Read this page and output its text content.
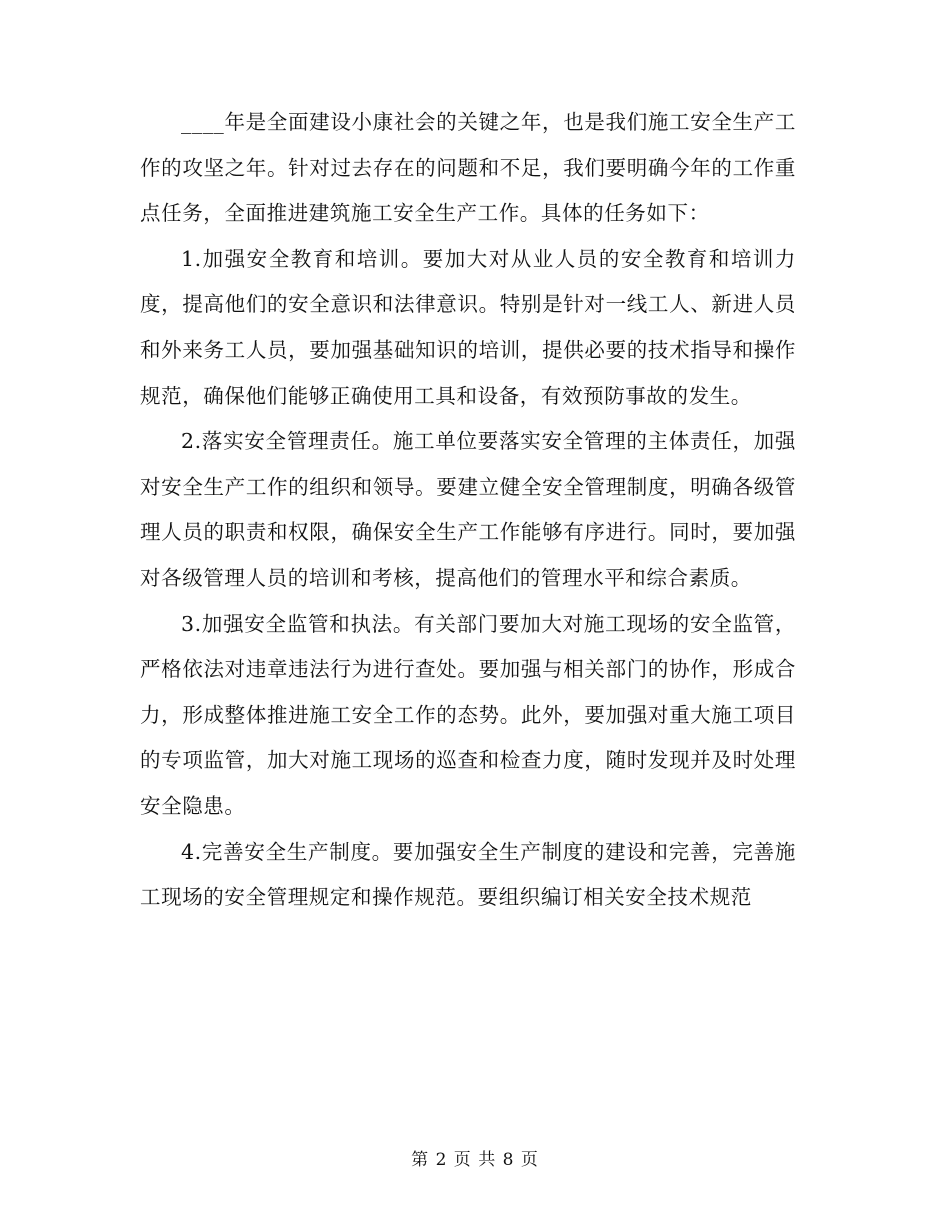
____年是全面建设小康社会的关键之年，也是我们施工安全生产工作的攻坚之年。针对过去存在的问题和不足，我们要明确今年的工作重点任务，全面推进建筑施工安全生产工作。具体的任务如下：

1.加强安全教育和培训。要加大对从业人员的安全教育和培训力度，提高他们的安全意识和法律意识。特别是针对一线工人、新进人员和外来务工人员，要加强基础知识的培训，提供必要的技术指导和操作规范，确保他们能够正确使用工具和设备，有效预防事故的发生。

2.落实安全管理责任。施工单位要落实安全管理的主体责任，加强对安全生产工作的组织和领导。要建立健全安全管理制度，明确各级管理人员的职责和权限，确保安全生产工作能够有序进行。同时，要加强对各级管理人员的培训和考核，提高他们的管理水平和综合素质。

3.加强安全监管和执法。有关部门要加大对施工现场的安全监管，严格依法对违章违法行为进行查处。要加强与相关部门的协作，形成合力，形成整体推进施工安全工作的态势。此外，要加强对重大施工项目的专项监管，加大对施工现场的巡查和检查力度，随时发现并及时处理安全隐患。

4.完善安全生产制度。要加强安全生产制度的建设和完善，完善施工现场的安全管理规定和操作规范。要组织编订相关安全技术规范

第 2 页 共 8 页
